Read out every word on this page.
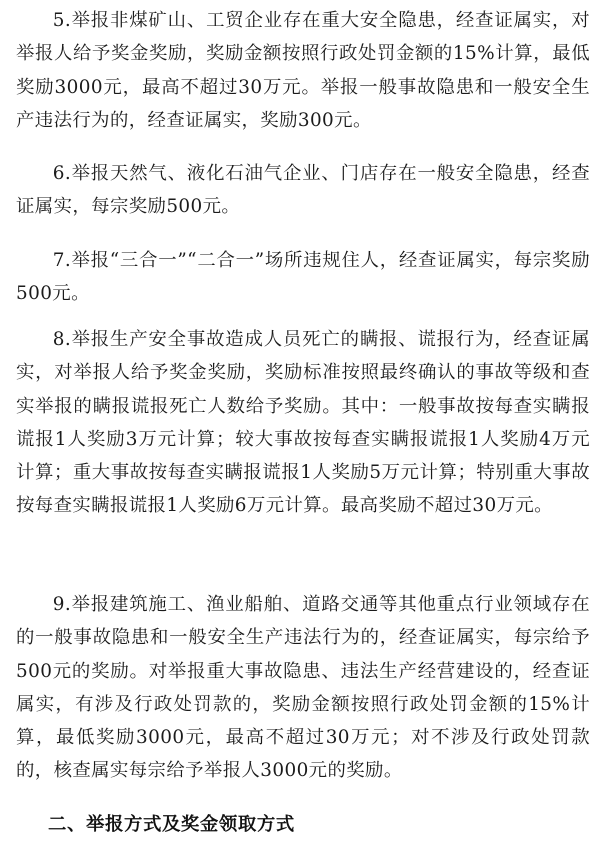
5.举报非煤矿山、工贸企业存在重大安全隐患，经查证属实，对举报人给予奖金奖励，奖励金额按照行政处罚金额的15%计算，最低奖励3000元，最高不超过30万元。举报一般事故隐患和一般安全生产违法行为的，经查证属实，奖励300元。

6.举报天然气、液化石油气企业、门店存在一般安全隐患，经查证属实，每宗奖励500元。

7.举报“三合一”“二合一”场所违规住人，经查证属实，每宗奖励500元。

8.举报生产安全事故造成人员死亡的瞒报、谎报行为，经查证属实，对举报人给予奖金奖励，奖励标准按照最终确认的事故等级和查实举报的瞒报谎报死亡人数给予奖励。其中：一般事故按每查实瞒报谎报1人奖励3万元计算；较大事故按每查实瞒报谎报1人奖励4万元计算；重大事故按每查实瞒报谎报1人奖励5万元计算；特别重大事故按每查实瞒报谎报1人奖励6万元计算。最高奖励不超过30万元。

9.举报建筑施工、渔业船舶、道路交通等其他重点行业领域存在的一般事故隐患和一般安全生产违法行为的，经查证属实，每宗给予500元的奖励。对举报重大事故隐患、违法生产经营建设的，经查证属实，有涉及行政处罚款的，奖励金额按照行政处罚金额的15%计算，最低奖励3000元，最高不超过30万元；对不涉及行政处罚款的，核查属实每宗给予举报人3000元的奖励。

二、举报方式及奖金领取方式
